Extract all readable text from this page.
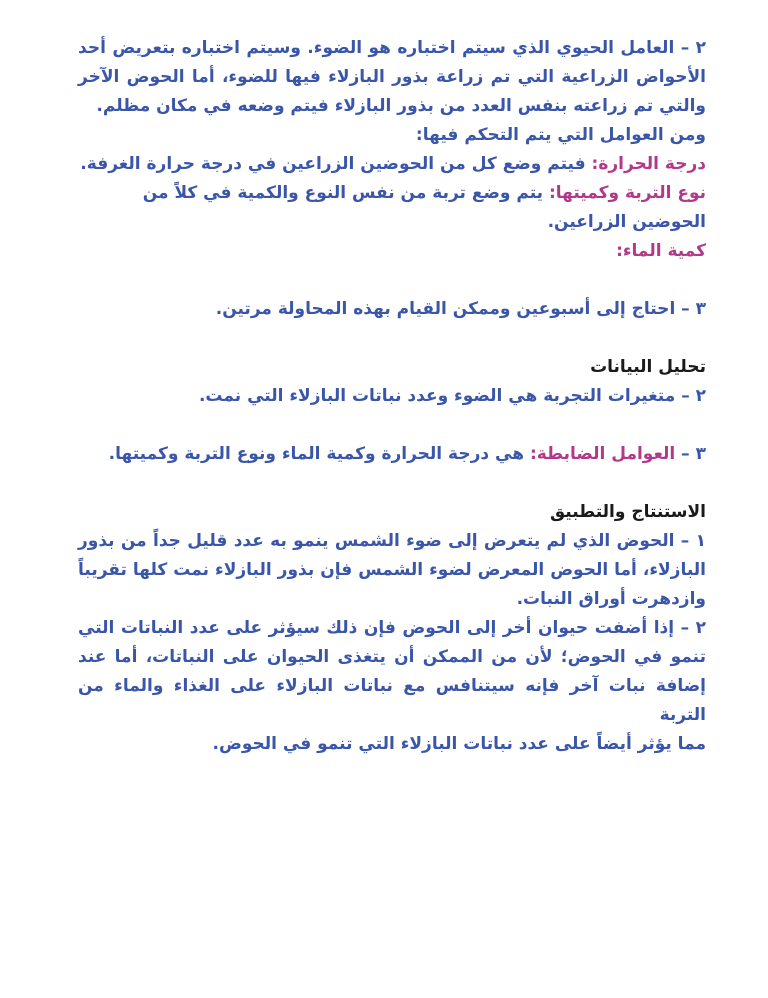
٢ – العامل الحيوي الذي سيتم اختباره هو الضوء. وسيتم اختباره بتعريض أحد
الأحواض الزراعية التي تم زراعة بذور البازلاء فيها للضوء، أما الحوض الآخر
والتي تم زراعته بنفس العدد من بذور البازلاء فيتم وضعه في مكان مظلم.
ومن العوامل التي يتم التحكم فيها:
درجة الحرارة: فيتم وضع كل من الحوضين الزراعين في درجة حرارة الغرفة.
نوع التربة وكميتها: يتم وضع تربة من نفس النوع والكمية في كلاً من
الحوضين الزراعين.
كمية الماء:
٣ – احتاج إلى أسبوعين وممكن القيام بهذه المحاولة مرتين.
تحليل البيانات
٢ – متغيرات التجربة هي الضوء وعدد نباتات البازلاء التي نمت.
٣ – العوامل الضابطة: هي درجة الحرارة وكمية الماء ونوع التربة وكميتها.
الاستنتاج والتطبيق
١ – الحوض الذي لم يتعرض إلى ضوء الشمس ينمو به عدد قليل جداً من بذور
البازلاء، أما الحوض المعرض لضوء الشمس فإن بذور البازلاء نمت كلها تقريباً
وازدهرت أوراق النبات.
٢ – إذا أضفت حيوان أخر إلى الحوض فإن ذلك سيؤثر على عدد النباتات التي
تنمو في الحوض؛ لأن من الممكن أن يتغذى الحيوان على النباتات، أما عند
إضافة نبات آخر فإنه سيتنافس مع نباتات البازلاء على الغذاء والماء من التربة
مما يؤثر أيضاً على عدد نباتات البازلاء التي تنمو في الحوض.
